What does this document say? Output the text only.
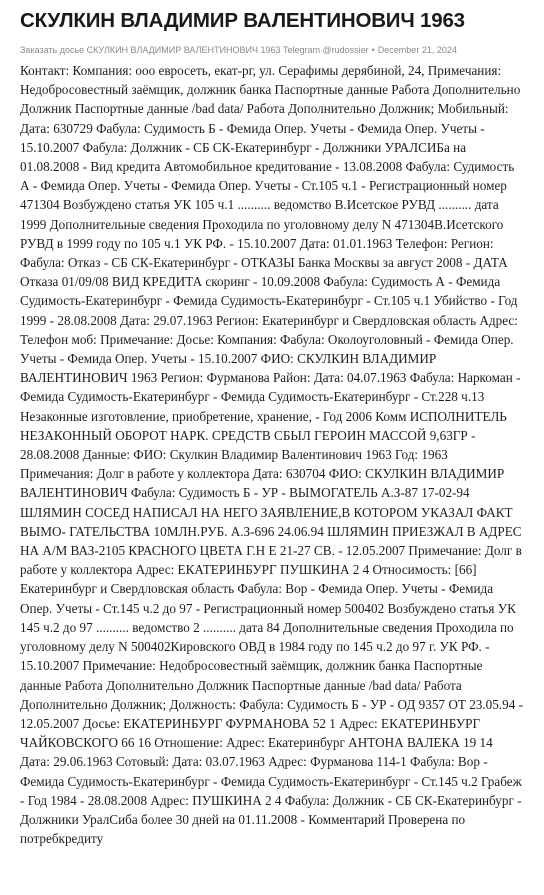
СКУЛКИН ВЛАДИМИР ВАЛЕНТИНОВИЧ 1963
Заказать досье СКУЛКИН ВЛАДИМИР ВАЛЕНТИНОВИЧ 1963 Telegram @rudossier • December 21, 2024
Контакт: Компания: ооо евросеть, екат-рг, ул. Серафимы дерябиной, 24, Примечания: Недобросовестный заёмщик, должник банка Паспортные данные Работа Дополнительно Должник Паспортные данные /bad data/ Работа Дополнительно Должник; Мобильный: Дата: 630729 Фабула: Судимость Б - Фемида Опер. Учеты - Фемида Опер. Учеты - 15.10.2007 Фабула: Должник - СБ СК-Екатеринбург - Должники УРАЛСИБа на 01.08.2008 - Вид кредита Автомобильное кредитование - 13.08.2008 Фабула: Судимость А - Фемида Опер. Учеты - Фемида Опер. Учеты - Ст.105 ч.1 - Регистрационный номер 471304 Возбуждено статья УК 105 ч.1 .......... ведомство В.Исетское РУВД .......... дата 1999 Дополнительные сведения Проходила по уголовному делу N 471304В.Исетского РУВД в 1999 году по 105 ч.1 УК РФ. - 15.10.2007 Дата: 01.01.1963 Телефон: Регион: Фабула: Отказ - СБ СК-Екатеринбург - ОТКАЗЫ Банка Москвы за август 2008 - ДАТА Отказа 01/09/08 ВИД КРЕДИТА скоринг - 10.09.2008 Фабула: Судимость А - Фемида Судимость-Екатеринбург - Фемида Судимость-Екатеринбург - Ст.105 ч.1 Убийство - Год 1999 - 28.08.2008 Дата: 29.07.1963 Регион: Екатеринбург и Свердловская область Адрес: Телефон моб: Примечание: Досье: Компания: Фабула: Околоуголовный - Фемида Опер. Учеты - Фемида Опер. Учеты - 15.10.2007 ФИО: СКУЛКИН ВЛАДИМИР ВАЛЕНТИНОВИЧ 1963 Регион: Фурманова Район: Дата: 04.07.1963 Фабула: Наркоман - Фемида Судимость-Екатеринбург - Фемида Судимость-Екатеринбург - Ст.228 ч.13 Незаконные изготовление, приобретение, хранение, - Год 2006 Комм ИСПОЛНИТЕЛЬ НЕЗАКОННЫЙ ОБОРОТ НАРК. СРЕДСТВ СБЫЛ ГЕРОИН МАССОЙ 9,63ГР - 28.08.2008 Данные: ФИО: Скулкин Владимир Валентинович 1963 Год: 1963 Примечания: Долг в работе у коллектора Дата: 630704 ФИО: СКУЛКИН ВЛАДИМИР ВАЛЕНТИНОВИЧ Фабула: Судимость Б - УР - ВЫМОГАТЕЛЬ А.З-87 17-02-94 ШЛЯМИН СОСЕД НАПИСАЛ НА НЕГО ЗАЯВЛЕНИЕ,В КОТОРОМ УКАЗАЛ ФАКТ ВЫМО- ГАТЕЛЬСТВА 10МЛН.РУБ. А.З-696 24.06.94 ШЛЯМИН ПРИЕЗЖАЛ В АДРЕС НА А/М ВАЗ-2105 КРАСНОГО ЦВЕТА Г.Н Е 21-27 СВ. - 12.05.2007 Примечание: Долг в работе у коллектора Адрес: ЕКАТЕРИНБУРГ ПУШКИНА 2 4 Относимость: [66] Екатеринбург и Свердловская область Фабула: Вор - Фемида Опер. Учеты - Фемида Опер. Учеты - Ст.145 ч.2 до 97 - Регистрационный номер 500402 Возбуждено статья УК 145 ч.2 до 97 .......... ведомство 2 .......... дата 84 Дополнительные сведения Проходила по уголовному делу N 500402Кировского ОВД в 1984 году по 145 ч.2 до 97 г. УК РФ. - 15.10.2007 Примечание: Недобросовестный заёмщик, должник банка Паспортные данные Работа Дополнительно Должник Паспортные данные /bad data/ Работа Дополнительно Должник; Должность: Фабула: Судимость Б - УР - ОД 9357 ОТ 23.05.94 - 12.05.2007 Досье: ЕКАТЕРИНБУРГ ФУРМАНОВА 52 1 Адрес: ЕКАТЕРИНБУРГ ЧАЙКОВСКОГО 66 16 Отношение: Адрес: Екатеринбург АНТОНА ВАЛЕКА 19 14 Дата: 29.06.1963 Сотовый: Дата: 03.07.1963 Адрес: Фурманова 114-1 Фабула: Вор - Фемида Судимость-Екатеринбург - Фемида Судимость-Екатеринбург - Ст.145 ч.2 Грабеж - Год 1984 - 28.08.2008 Адрес: ПУШКИНА 2 4 Фабула: Должник - СБ СК-Екатеринбург - Должники УралСиба более 30 дней на 01.11.2008 - Комментарий Проверена по потребкредиту
